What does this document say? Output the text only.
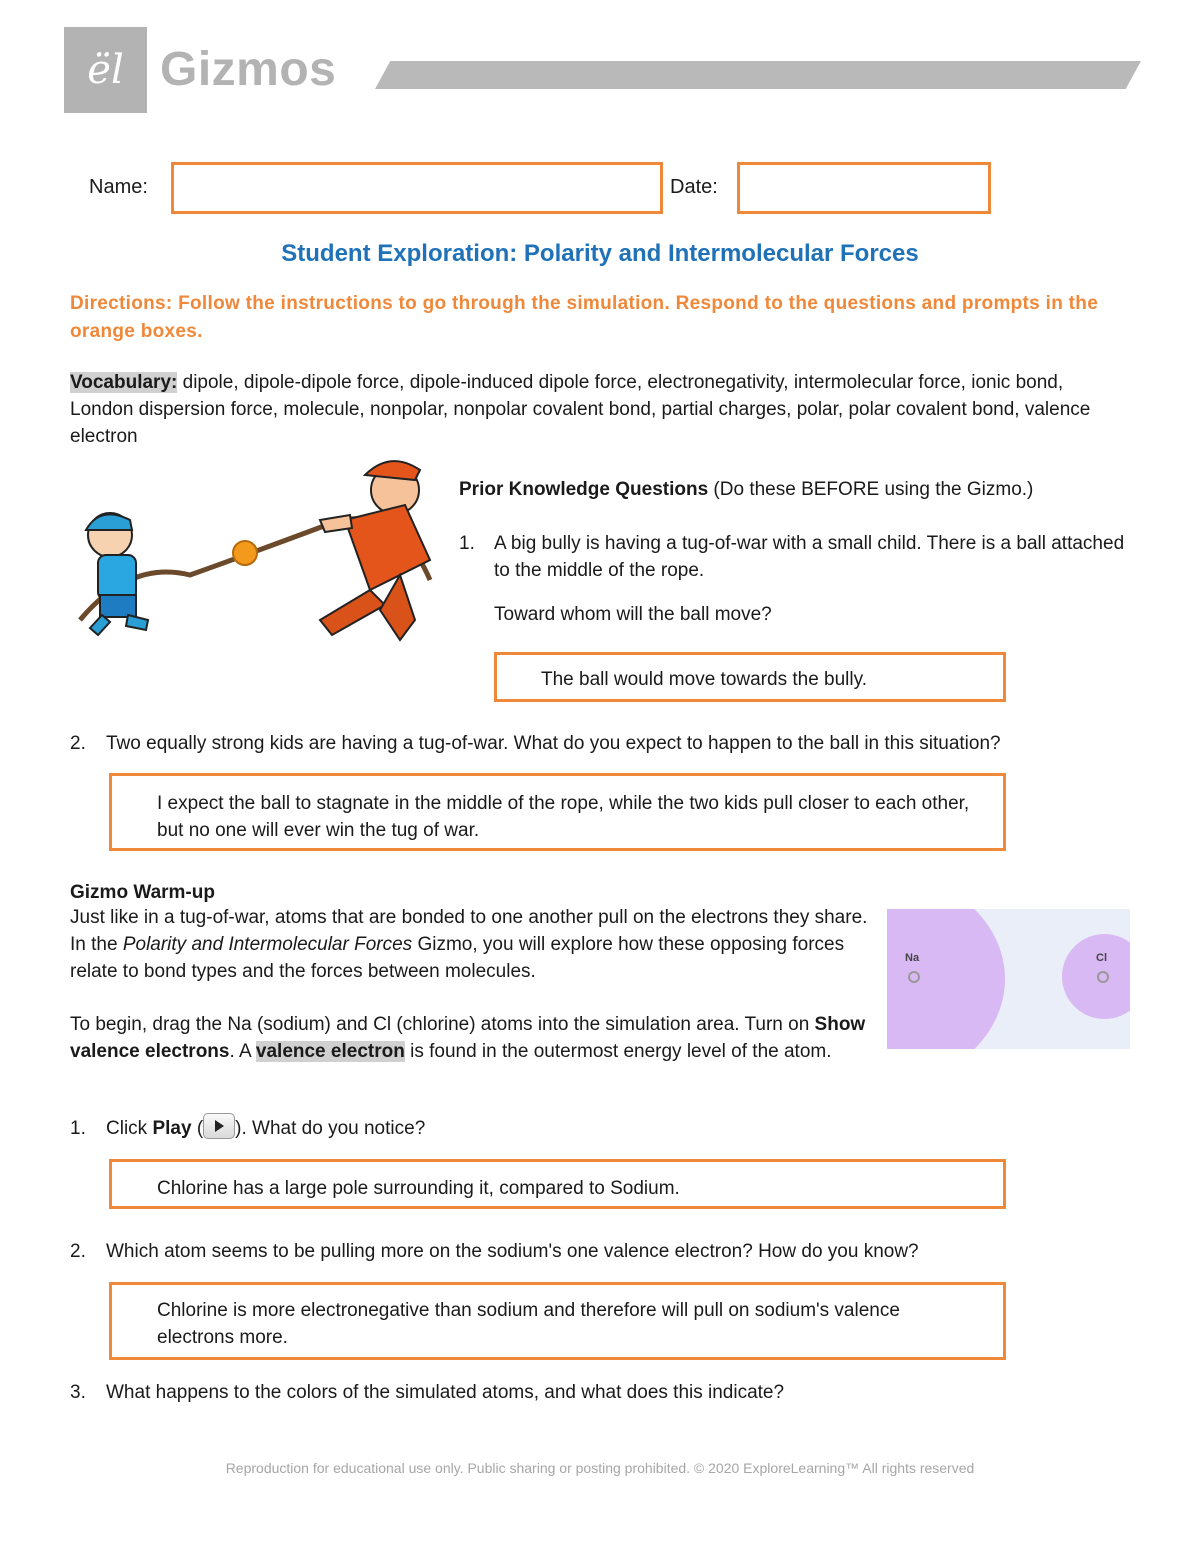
ël Gizmos
Name:	Date:
Student Exploration: Polarity and Intermolecular Forces
Directions: Follow the instructions to go through the simulation. Respond to the questions and prompts in the orange boxes.
Vocabulary: dipole, dipole-dipole force, dipole-induced dipole force, electronegativity, intermolecular force, ionic bond, London dispersion force, molecule, nonpolar, nonpolar covalent bond, partial charges, polar, polar covalent bond, valence electron
Prior Knowledge Questions (Do these BEFORE using the Gizmo.)
1. A big bully is having a tug-of-war with a small child. There is a ball attached to the middle of the rope.
Toward whom will the ball move?
The ball would move towards the bully.
2. Two equally strong kids are having a tug-of-war. What do you expect to happen to the ball in this situation?
I expect the ball to stagnate in the middle of the rope, while the two kids pull closer to each other, but no one will ever win the tug of war.
Gizmo Warm-up
Just like in a tug-of-war, atoms that are bonded to one another pull on the electrons they share. In the Polarity and Intermolecular Forces Gizmo, you will explore how these opposing forces relate to bond types and the forces between molecules.
To begin, drag the Na (sodium) and Cl (chlorine) atoms into the simulation area. Turn on Show valence electrons. A valence electron is found in the outermost energy level of the atom.
Na	Cl
1. Click Play ( ). What do you notice?
Chlorine has a large pole surrounding it, compared to Sodium.
2. Which atom seems to be pulling more on the sodium's one valence electron? How do you know?
Chlorine is more electronegative than sodium and therefore will pull on sodium's valence electrons more.
3. What happens to the colors of the simulated atoms, and what does this indicate?
Reproduction for educational use only. Public sharing or posting prohibited. © 2020 ExploreLearning™ All rights reserved
